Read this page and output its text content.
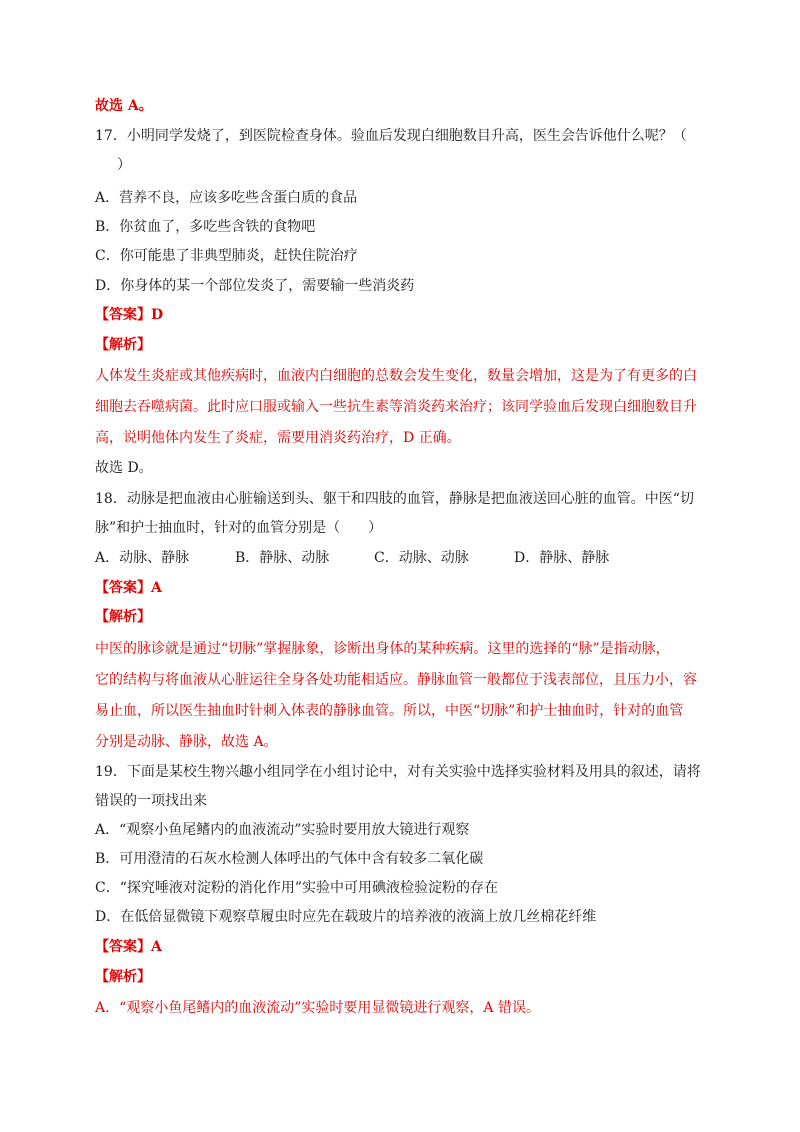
故选 A。
17．小明同学发烧了，到医院检查身体。验血后发现白细胞数目升高，医生会告诉他什么呢？（
）
A．营养不良，应该多吃些含蛋白质的食品
B．你贫血了，多吃些含铁的食物吧
C．你可能患了非典型肺炎，赶快住院治疗
D．你身体的某一个部位发炎了，需要输一些消炎药
【答案】D
【解析】
人体发生炎症或其他疾病时，血液内白细胞的总数会发生变化，数量会增加，这是为了有更多的白
细胞去吞噬病菌。此时应口服或输入一些抗生素等消炎药来治疗；该同学验血后发现白细胞数目升
高，说明他体内发生了炎症，需要用消炎药治疗，D 正确。
故选 D。
18．动脉是把血液由心脏输送到头、躯干和四肢的血管，静脉是把血液送回心脏的血管。中医“切
脉”和护士抽血时，针对的血管分别是（　　）
A．动脉、静脉	B．静脉、动脉	C．动脉、动脉	D．静脉、静脉
【答案】A
【解析】
中医的脉诊就是通过“切脉”掌握脉象，诊断出身体的某种疾病。这里的选择的“脉”是指动脉，
它的结构与将血液从心脏运往全身各处功能相适应。静脉血管一般都位于浅表部位，且压力小，容
易止血，所以医生抽血时针刺入体表的静脉血管。所以，中医“切脉”和护士抽血时，针对的血管
分别是动脉、静脉，故选 A。
19．下面是某校生物兴趣小组同学在小组讨论中，对有关实验中选择实验材料及用具的叙述，请将
错误的一项找出来
A．“观察小鱼尾鳍内的血液流动”实验时要用放大镜进行观察
B．可用澄清的石灰水检测人体呼出的气体中含有较多二氧化碳
C．“探究唾液对淀粉的消化作用”实验中可用碘液检验淀粉的存在
D．在低倍显微镜下观察草履虫时应先在载玻片的培养液的液滴上放几丝棉花纤维
【答案】A
【解析】
A．“观察小鱼尾鳍内的血液流动”实验时要用显微镜进行观察，A 错误。
